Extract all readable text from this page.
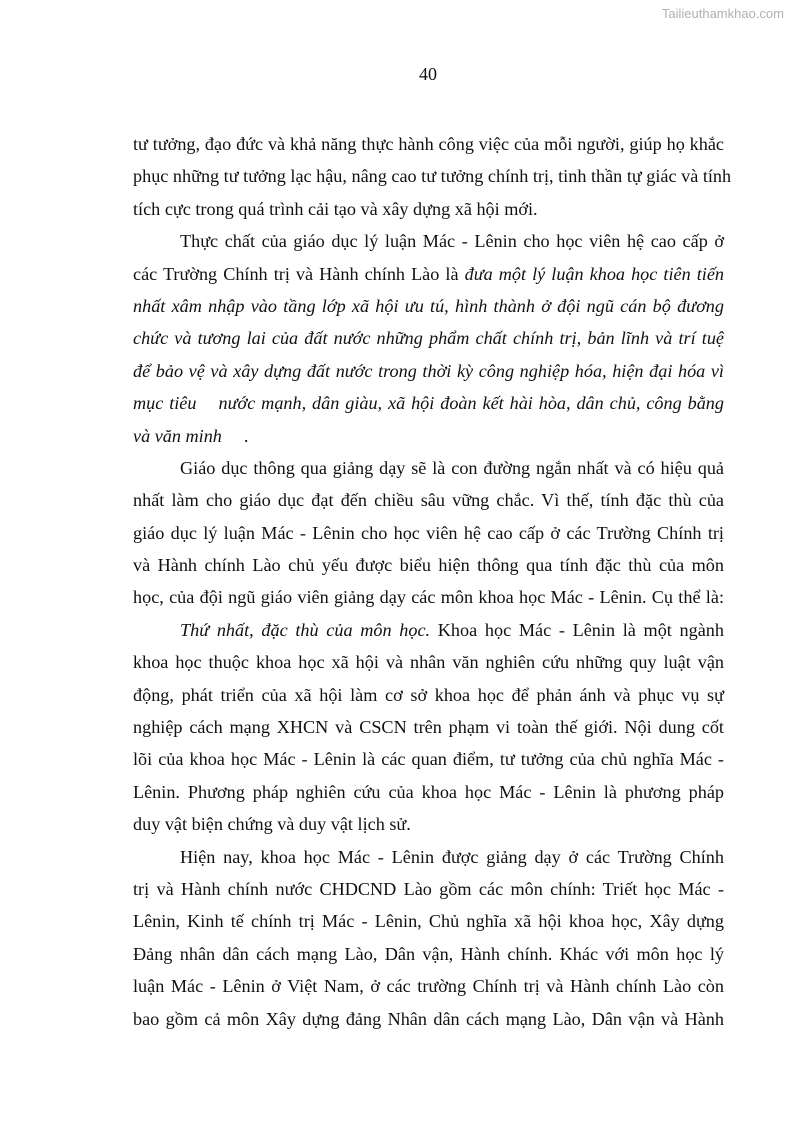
Tailieuthamkhao.com
40
tư tưởng, đạo đức và khả năng thực hành công việc của mỗi người, giúp họ khắc
phục những tư tưởng lạc hậu, nâng cao tư tưởng chính trị, tinh thần tự giác và tính
tích cực trong quá trình cải tạo và xây dựng xã hội mới.
Thực chất của giáo dục lý luận Mác - Lênin cho học viên hệ cao cấp ở
các Trường Chính trị và Hành chính Lào là đưa một lý luận khoa học tiên tiến
nhất xâm nhập vào tầng lớp xã hội ưu tú, hình thành ở đội ngũ cán bộ đương
chức và tương lai của đất nước những phẩm chất chính trị, bản lĩnh và trí tuệ
để bảo vệ và xây dựng đất nước trong thời kỳ công nghiệp hóa, hiện đại hóa vì
mục tiêu nước mạnh, dân giàu, xã hội đoàn kết hài hòa, dân chủ, công bằng
và văn minh .
Giáo dục thông qua giảng dạy sẽ là con đường ngắn nhất và có hiệu quả
nhất làm cho giáo dục đạt đến chiều sâu vững chắc. Vì thế, tính đặc thù của
giáo dục lý luận Mác - Lênin cho học viên hệ cao cấp ở các Trường Chính trị
và Hành chính Lào chủ yếu được biểu hiện thông qua tính đặc thù của môn
học, của đội ngũ giáo viên giảng dạy các môn khoa học Mác - Lênin. Cụ thể là:
Thứ nhất, đặc thù của môn học. Khoa học Mác - Lênin là một ngành
khoa học thuộc khoa học xã hội và nhân văn nghiên cứu những quy luật vận
động, phát triển của xã hội làm cơ sở khoa học để phản ánh và phục vụ sự
nghiệp cách mạng XHCN và CSCN trên phạm vi toàn thế giới. Nội dung cốt
lõi của khoa học Mác - Lênin là các quan điểm, tư tưởng của chủ nghĩa Mác -
Lênin. Phương pháp nghiên cứu của khoa học Mác - Lênin là phương pháp
duy vật biện chứng và duy vật lịch sử.
Hiện nay, khoa học Mác - Lênin được giảng dạy ở các Trường Chính
trị và Hành chính nước CHDCND Lào gồm các môn chính: Triết học Mác -
Lênin, Kinh tế chính trị Mác - Lênin, Chủ nghĩa xã hội khoa học, Xây dựng
Đảng nhân dân cách mạng Lào, Dân vận, Hành chính. Khác với môn học lý
luận Mác - Lênin ở Việt Nam, ở các trường Chính trị và Hành chính Lào còn
bao gồm cả môn Xây dựng đảng Nhân dân cách mạng Lào, Dân vận và Hành
